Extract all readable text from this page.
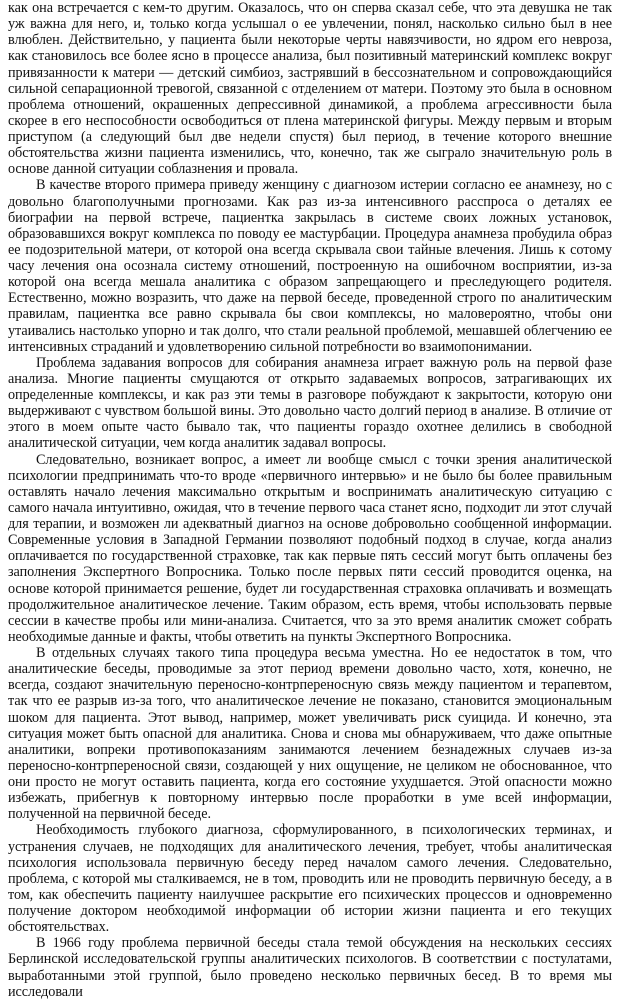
как она встречается с кем-то другим. Оказалось, что он сперва сказал себе, что эта девушка не так уж важна для него, и, только когда услышал о ее увлечении, понял, насколько сильно был в нее влюблен. Действительно, у пациента были некоторые черты навязчивости, но ядром его невроза, как становилось все более ясно в процессе анализа, был позитивный материнский комплекс вокруг привязанности к матери — детский симбиоз, застрявший в бессознательном и сопровождающийся сильной сепарационной тревогой, связанной с отделением от матери. Поэтому это была в основном проблема отношений, окрашенных депрессивной динамикой, а проблема агрессивности была скорее в его неспособности освободиться от плена материнской фигуры. Между первым и вторым приступом (а следующий был две недели спустя) был период, в течение которого внешние обстоятельства жизни пациента изменились, что, конечно, так же сыграло значительную роль в основе данной ситуации соблазнения и провала.

В качестве второго примера приведу женщину с диагнозом истерии согласно ее анамнезу, но с довольно благополучными прогнозами. Как раз из-за интенсивного расспроса о деталях ее биографии на первой встрече, пациентка закрылась в системе своих ложных установок, образовавшихся вокруг комплекса по поводу ее мастурбации. Процедура анамнеза пробудила образ ее подозрительной матери, от которой она всегда скрывала свои тайные влечения. Лишь к сотому часу лечения она осознала систему отношений, построенную на ошибочном восприятии, из-за которой она всегда мешала аналитика с образом запрещающего и преследующего родителя. Естественно, можно возразить, что даже на первой беседе, проведенной строго по аналитическим правилам, пациентка все равно скрывала бы свои комплексы, но маловероятно, чтобы они утаивались настолько упорно и так долго, что стали реальной проблемой, мешавшей облегчению ее интенсивных страданий и удовлетворению сильной потребности во взаимопонимании.

Проблема задавания вопросов для собирания анамнеза играет важную роль на первой фазе анализа. Многие пациенты смущаются от открыто задаваемых вопросов, затрагивающих их определенные комплексы, и как раз эти темы в разговоре побуждают к закрытости, которую они выдерживают с чувством большой вины. Это довольно часто долгий период в анализе. В отличие от этого в моем опыте часто бывало так, что пациенты гораздо охотнее делились в свободной аналитической ситуации, чем когда аналитик задавал вопросы.

Следовательно, возникает вопрос, а имеет ли вообще смысл с точки зрения аналитической психологии предпринимать что-то вроде «первичного интервью» и не было бы более правильным оставлять начало лечения максимально открытым и воспринимать аналитическую ситуацию с самого начала интуитивно, ожидая, что в течение первого часа станет ясно, подходит ли этот случай для терапии, и возможен ли адекватный диагноз на основе добровольно сообщенной информации. Современные условия в Западной Германии позволяют подобный подход в случае, когда анализ оплачивается по государственной страховке, так как первые пять сессий могут быть оплачены без заполнения Экспертного Вопросника. Только после первых пяти сессий проводится оценка, на основе которой принимается решение, будет ли государственная страховка оплачивать и возмещать продолжительное аналитическое лечение. Таким образом, есть время, чтобы использовать первые сессии в качестве пробы или мини-анализа. Считается, что за это время аналитик сможет собрать необходимые данные и факты, чтобы ответить на пункты Экспертного Вопросника.

В отдельных случаях такого типа процедура весьма уместна. Но ее недостаток в том, что аналитические беседы, проводимые за этот период времени довольно часто, хотя, конечно, не всегда, создают значительную переносно-контрпереносную связь между пациентом и терапевтом, так что ее разрыв из-за того, что аналитическое лечение не показано, становится эмоциональным шоком для пациента. Этот вывод, например, может увеличивать риск суицида. И конечно, эта ситуация может быть опасной для аналитика. Снова и снова мы обнаруживаем, что даже опытные аналитики, вопреки противопоказаниям занимаются лечением безнадежных случаев из-за переносно-контрпереносной связи, создающей у них ощущение, не целиком не обоснованное, что они просто не могут оставить пациента, когда его состояние ухудшается. Этой опасности можно избежать, прибегнув к повторному интервью после проработки в уме всей информации, полученной на первичной беседе.

Необходимость глубокого диагноза, сформулированного, в психологических терминах, и устранения случаев, не подходящих для аналитического лечения, требует, чтобы аналитическая психология использовала первичную беседу перед началом самого лечения. Следовательно, проблема, с которой мы сталкиваемся, не в том, проводить или не проводить первичную беседу, а в том, как обеспечить пациенту наилучшее раскрытие его психических процессов и одновременно получение доктором необходимой информации об истории жизни пациента и его текущих обстоятельствах.

В 1966 году проблема первичной беседы стала темой обсуждения на нескольких сессиях Берлинской исследовательской группы аналитических психологов. В соответствии с постулатами, выработанными этой группой, было проведено несколько первичных бесед. В то время мы исследовали
